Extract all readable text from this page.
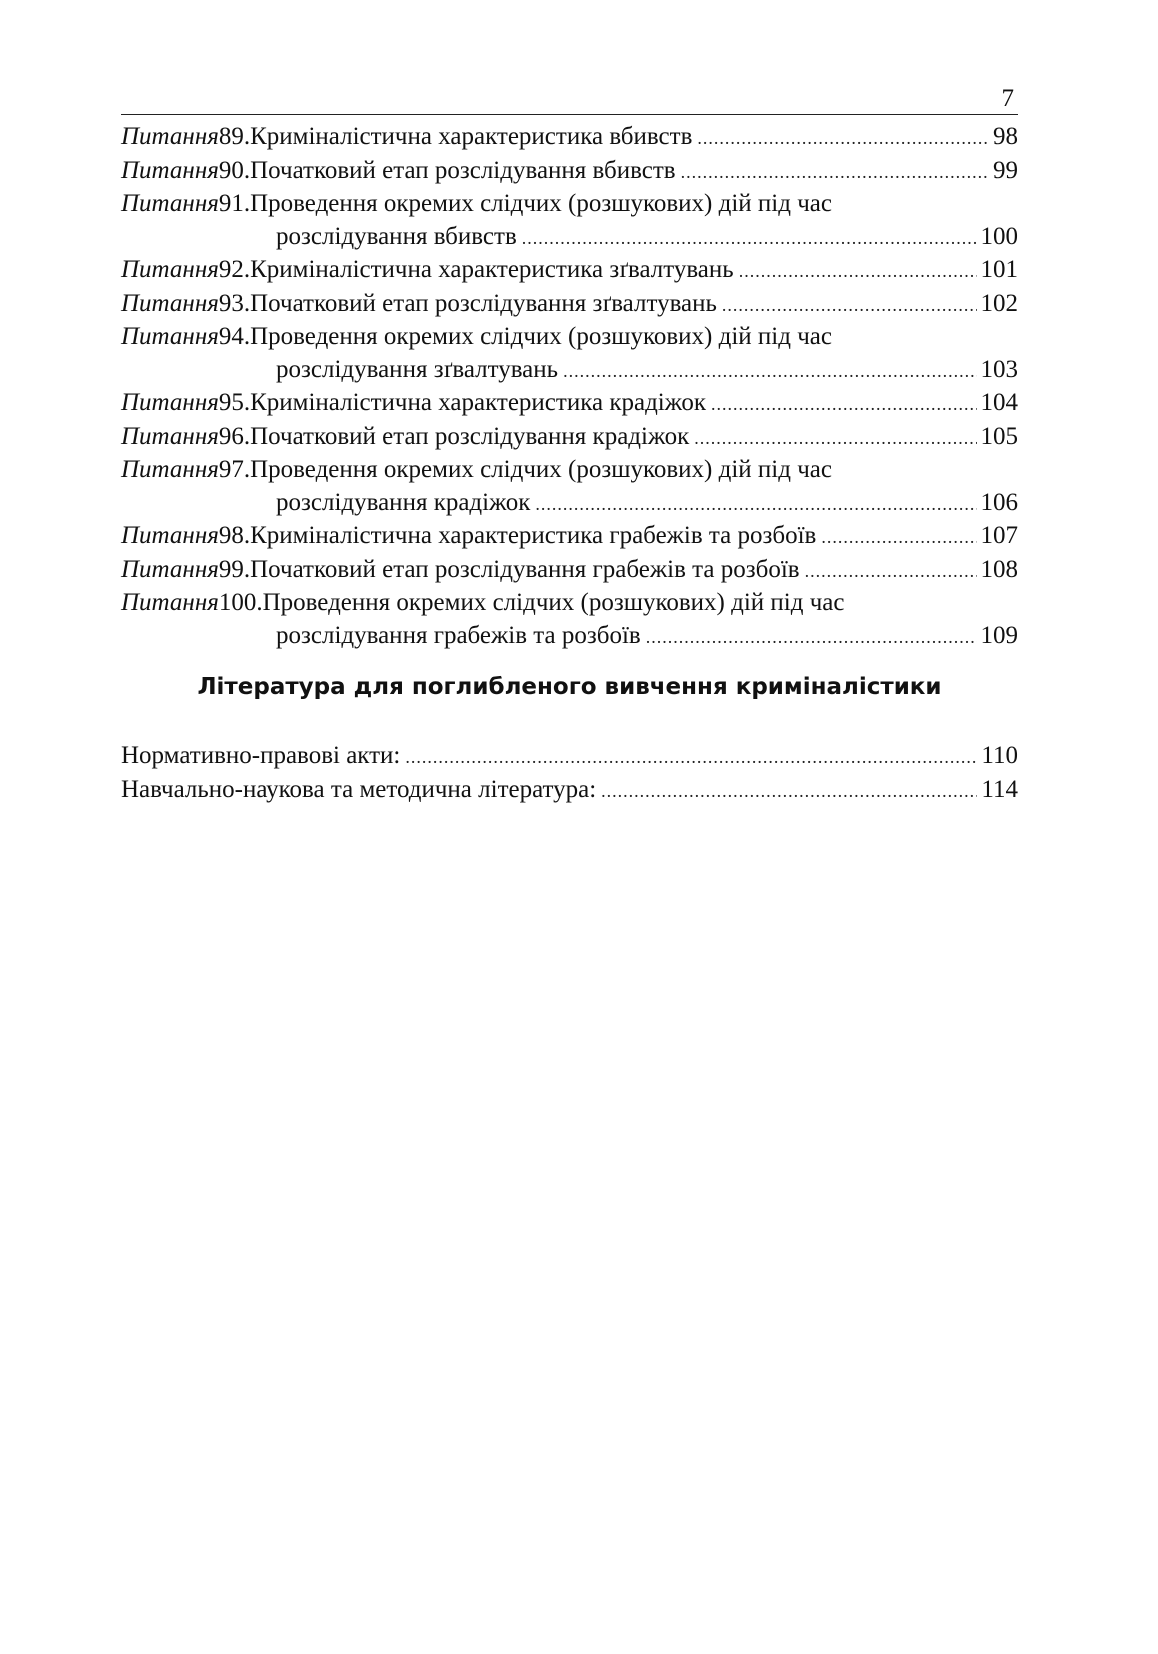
7
Питання 89. Криміналістична характеристика вбивств .....	98
Питання 90. Початковий етап розслідування вбивств .....	99
Питання 91. Проведення окремих слідчих (розшукових) дій під час
розслідування вбивств .....	100
Питання 92. Криміналістична характеристика зґвалтувань .....	101
Питання 93. Початковий етап розслідування зґвалтувань .....	102
Питання 94. Проведення окремих слідчих (розшукових) дій під час
розслідування зґвалтувань .....	103
Питання 95. Криміналістична характеристика крадіжок .....	104
Питання 96. Початковий етап розслідування крадіжок .....	105
Питання 97. Проведення окремих слідчих (розшукових) дій під час
розслідування крадіжок .....	106
Питання 98. Криміналістична характеристика грабежів та розбоїв .....	107
Питання 99. Початковий етап розслідування грабежів та розбоїв .....	108
Питання 100. Проведення окремих слідчих (розшукових) дій під час
розслідування грабежів та розбоїв .....	109
Література для поглибленого вивчення криміналістики
Нормативно-правові акти: .....	110
Навчально-наукова та методична література: .....	114
